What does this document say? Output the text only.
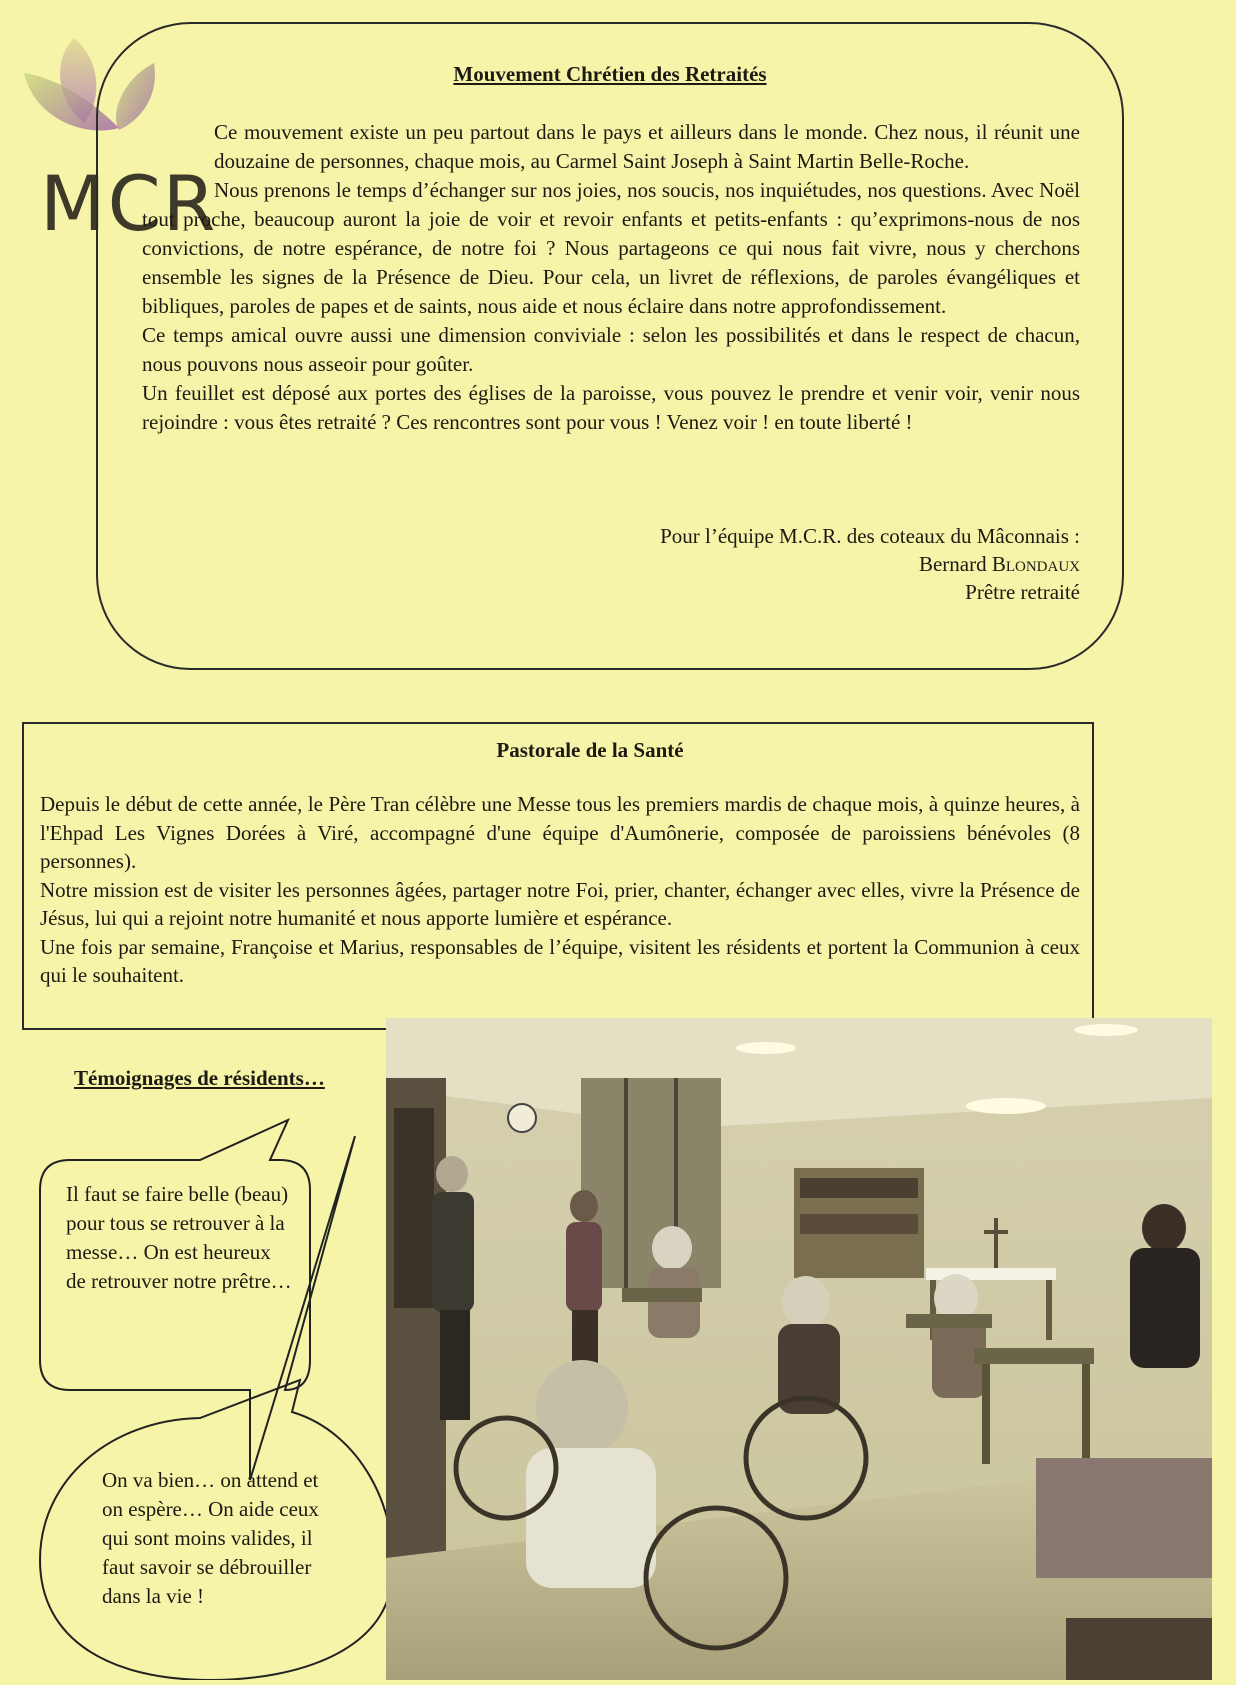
MCR
Mouvement Chrétien des Retraités

Ce mouvement existe un peu partout dans le pays et ailleurs dans le monde. Chez nous, il réunit une douzaine de personnes, chaque mois, au Carmel Saint Joseph à Saint Martin Belle-Roche.

Nous prenons le temps d’échanger sur nos joies, nos soucis, nos inquiétudes, nos questions. Avec Noël tout proche, beaucoup auront la joie de voir et revoir enfants et petits-enfants : qu’exprimons-nous de nos convictions, de notre espérance, de notre foi ? Nous partageons ce qui nous fait vivre, nous y cherchons ensemble les signes de la Présence de Dieu. Pour cela, un livret de réflexions, de paroles évangéliques et bibliques, paroles de papes et de saints, nous aide et nous éclaire dans notre approfondissement.

Ce temps amical ouvre aussi une dimension conviviale : selon les possibilités et dans le respect de chacun, nous pouvons nous asseoir pour goûter.

Un feuillet est déposé aux portes des églises de la paroisse, vous pouvez le prendre et venir voir, venir nous rejoindre : vous êtes retraité ? Ces rencontres sont pour vous ! Venez voir ! en toute liberté !

Pour l’équipe M.C.R. des coteaux du Mâconnais :
Bernard Blondaux
Prêtre retraité
Pastorale de la Santé

Depuis le début de cette année, le Père Tran célèbre une Messe tous les premiers mardis de chaque mois, à quinze heures, à l'Ehpad Les Vignes Dorées à Viré, accompagné d'une équipe d'Aumônerie, composée de paroissiens bénévoles (8 personnes).

Notre mission est de visiter les personnes âgées, partager notre Foi, prier, chanter, échanger avec elles, vivre la Présence de Jésus, lui qui a rejoint notre humanité et nous apporte lumière et espérance.

Une fois par semaine, Françoise et Marius, responsables de l’équipe, visitent les résidents et portent la Communion à ceux qui le souhaitent.

Témoignages de résidents…
Il faut se faire belle (beau) pour tous se retrouver à la messe… On est heureux de retrouver notre prêtre…
On va bien… on attend et on espère… On aide ceux qui sont moins valides, il faut savoir se débrouiller dans la vie !
